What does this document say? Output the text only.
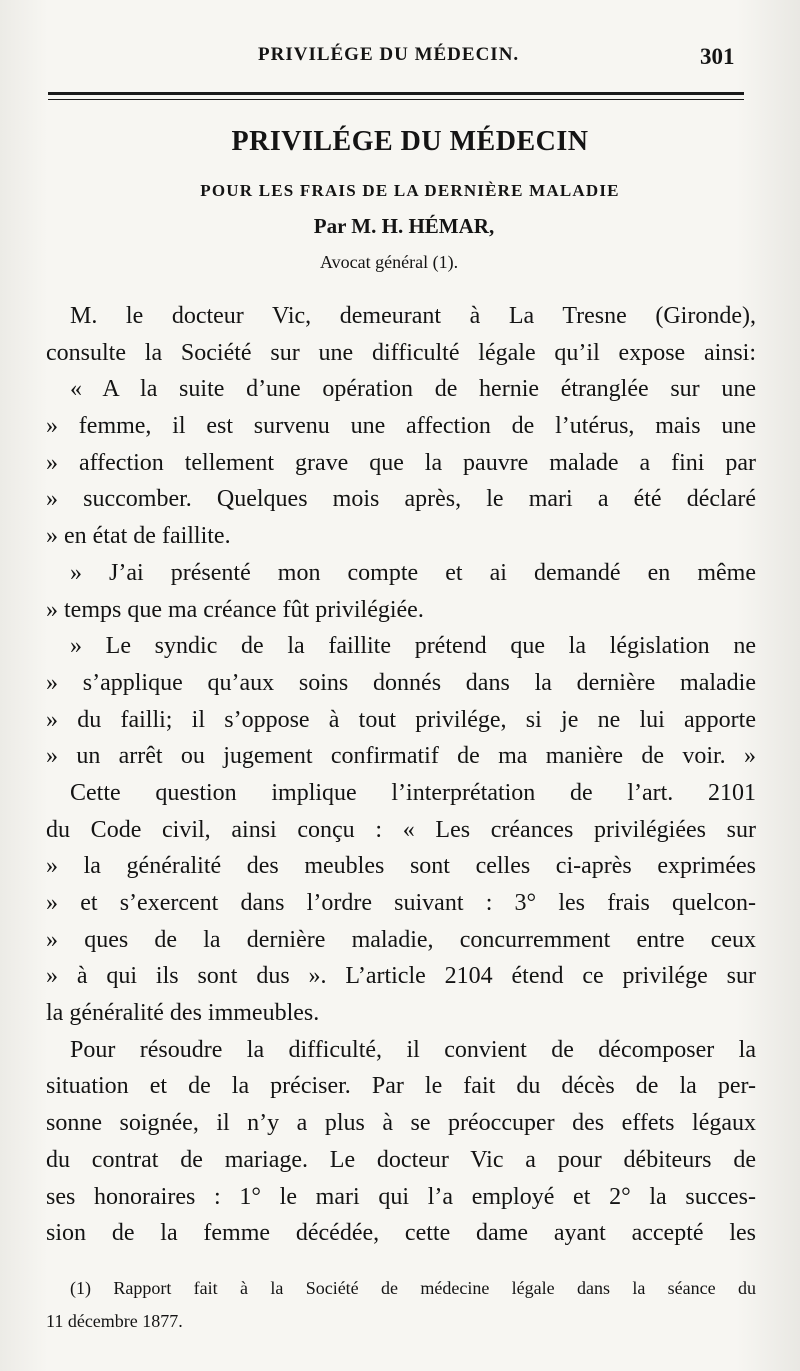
PRIVILÉGE DU MÉDECIN.	301
PRIVILÉGE DU MÉDECIN
POUR LES FRAIS DE LA DERNIÈRE MALADIE
Par M. H. HÉMAR,
Avocat général (1).
M. le docteur Vic, demeurant à La Tresne (Gironde),
consulte la Société sur une difficulté légale qu’il expose ainsi:
« A la suite d’une opération de hernie étranglée sur une
» femme, il est survenu une affection de l’utérus, mais une
» affection tellement grave que la pauvre malade a fini par
» succomber. Quelques mois après, le mari a été déclaré
» en état de faillite.
» J’ai présenté mon compte et ai demandé en même
» temps que ma créance fût privilégiée.
» Le syndic de la faillite prétend que la législation ne
» s’applique qu’aux soins donnés dans la dernière maladie
» du failli; il s’oppose à tout privilége, si je ne lui apporte
» un arrêt ou jugement confirmatif de ma manière de voir. »
Cette question implique l’interprétation de l’art. 2101
du Code civil, ainsi conçu : « Les créances privilégiées sur
» la généralité des meubles sont celles ci-après exprimées
» et s’exercent dans l’ordre suivant : 3° les frais quelcon-
» ques de la dernière maladie, concurremment entre ceux
» à qui ils sont dus ». L’article 2104 étend ce privilége sur
la généralité des immeubles.
Pour résoudre la difficulté, il convient de décomposer la
situation et de la préciser. Par le fait du décès de la per-
sonne soignée, il n’y a plus à se préoccuper des effets légaux
du contrat de mariage. Le docteur Vic a pour débiteurs de
ses honoraires : 1° le mari qui l’a employé et 2° la succes-
sion de la femme décédée, cette dame ayant accepté les
(1) Rapport fait à la Société de médecine légale dans la séance du
11 décembre 1877.
